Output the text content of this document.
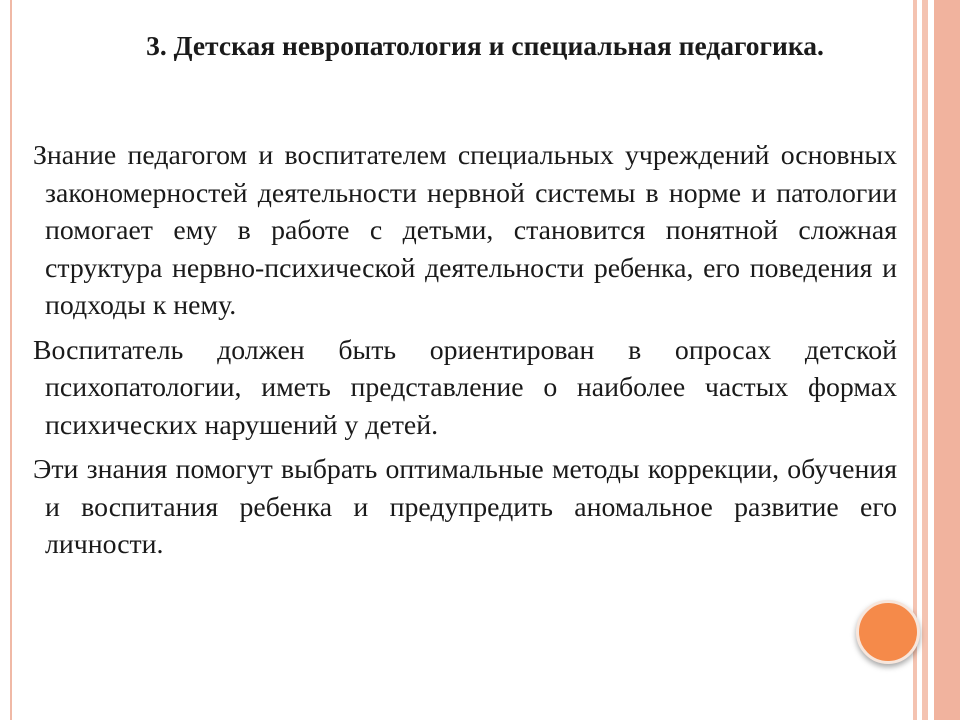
3. Детская невропатология и специальная педагогика.

Знание педагогом и воспитателем специальных учреждений основных закономерностей деятельности нервной системы в норме и патологии помогает ему в работе с детьми, становится понятной сложная структура нервно-психической деятельности ребенка, его поведения и подходы к нему.

Воспитатель должен быть ориентирован в опросах детской психопатологии, иметь представление о наиболее частых формах психических нарушений у детей.

Эти знания помогут выбрать оптимальные методы коррекции, обучения и воспитания ребенка и предупредить аномальное развитие его личности.
